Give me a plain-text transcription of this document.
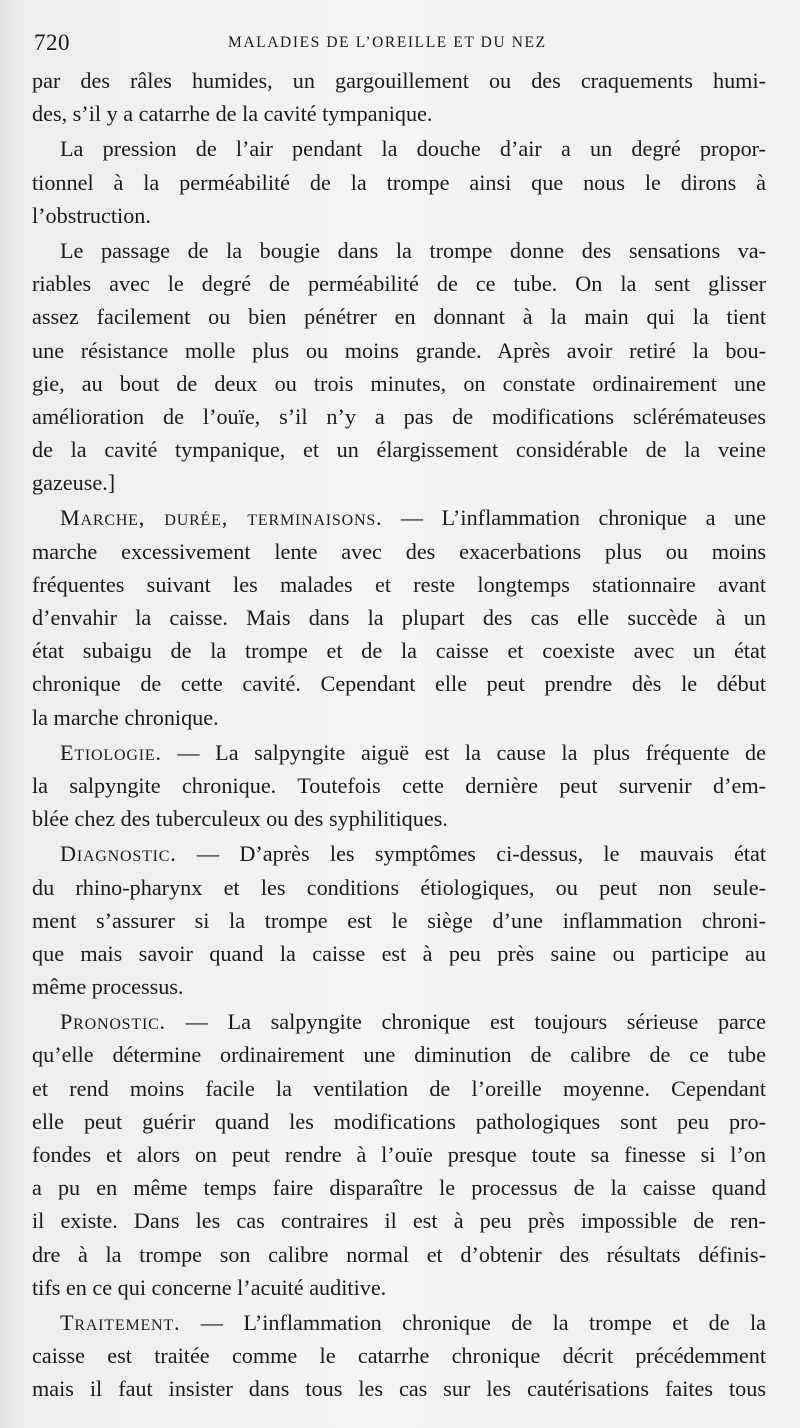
720	MALADIES DE L’OREILLE ET DU NEZ
par des râles humides, un gargouillement ou des craquements humi-
des, s’il y a catarrhe de la cavité tympanique.
La pression de l’air pendant la douche d’air a un degré propor-
tionnel à la perméabilité de la trompe ainsi que nous le dirons à
l’obstruction.
Le passage de la bougie dans la trompe donne des sensations va-
riables avec le degré de perméabilité de ce tube. On la sent glisser
assez facilement ou bien pénétrer en donnant à la main qui la tient
une résistance molle plus ou moins grande. Après avoir retiré la bou-
gie, au bout de deux ou trois minutes, on constate ordinairement une
amélioration de l’ouïe, s’il n’y a pas de modifications sclérémateuses
de la cavité tympanique, et un élargissement considérable de la veine
gazeuse.]
Marche, durée, terminaisons. — L’inflammation chronique a une
marche excessivement lente avec des exacerbations plus ou moins
fréquentes suivant les malades et reste longtemps stationnaire avant
d’envahir la caisse. Mais dans la plupart des cas elle succède à un
état subaigu de la trompe et de la caisse et coexiste avec un état
chronique de cette cavité. Cependant elle peut prendre dès le début
la marche chronique.
Etiologie. — La salpyngite aiguë est la cause la plus fréquente de
la salpyngite chronique. Toutefois cette dernière peut survenir d’em-
blée chez des tuberculeux ou des syphilitiques.
Diagnostic. — D’après les symptômes ci-dessus, le mauvais état
du rhino-pharynx et les conditions étiologiques, ou peut non seule-
ment s’assurer si la trompe est le siège d’une inflammation chroni-
que mais savoir quand la caisse est à peu près saine ou participe au
même processus.
Pronostic. — La salpyngite chronique est toujours sérieuse parce
qu’elle détermine ordinairement une diminution de calibre de ce tube
et rend moins facile la ventilation de l’oreille moyenne. Cependant
elle peut guérir quand les modifications pathologiques sont peu pro-
fondes et alors on peut rendre à l’ouïe presque toute sa finesse si l’on
a pu en même temps faire disparaître le processus de la caisse quand
il existe. Dans les cas contraires il est à peu près impossible de ren-
dre à la trompe son calibre normal et d’obtenir des résultats définis-
tifs en ce qui concerne l’acuité auditive.
Traitement. — L’inflammation chronique de la trompe et de la
caisse est traitée comme le catarrhe chronique décrit précédemment
mais il faut insister dans tous les cas sur les cautérisations faites tous
